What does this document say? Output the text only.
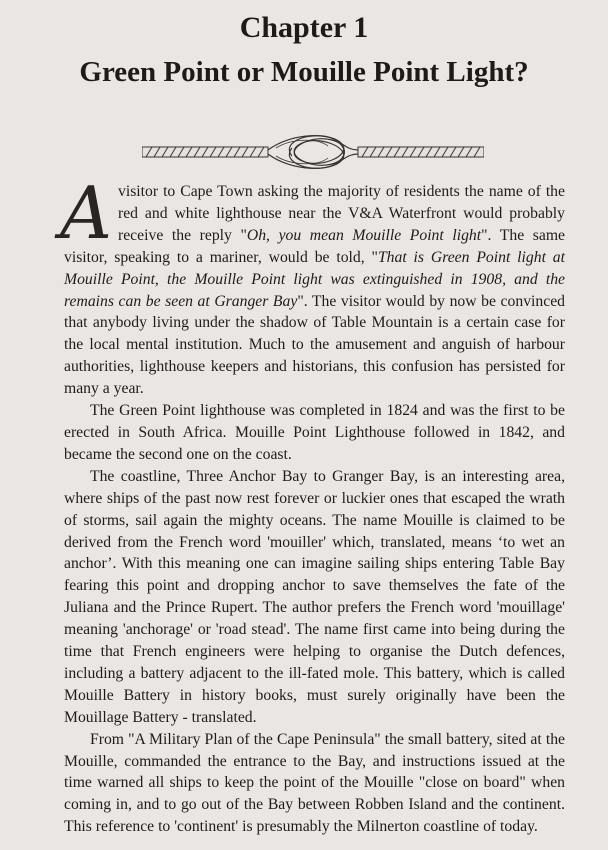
Chapter 1
Green Point or Mouille Point Light?

Avisitor to Cape Town asking the majority of residents the name of the red and white lighthouse near the V&A Waterfront would probably receive the reply "Oh, you mean Mouille Point light". The same visitor, speaking to a mariner, would be told, "That is Green Point light at Mouille Point, the Mouille Point light was extinguished in 1908, and the remains can be seen at Granger Bay". The visitor would by now be convinced that anybody living under the shadow of Table Mountain is a certain case for the local mental institution. Much to the amusement and anguish of harbour authorities, lighthouse keepers and historians, this confusion has persisted for many a year.

The Green Point lighthouse was completed in 1824 and was the first to be erected in South Africa. Mouille Point Lighthouse followed in 1842, and became the second one on the coast.

The coastline, Three Anchor Bay to Granger Bay, is an interesting area, where ships of the past now rest forever or luckier ones that escaped the wrath of storms, sail again the mighty oceans. The name Mouille is claimed to be derived from the French word 'mouiller' which, translated, means ‘to wet an anchor’. With this meaning one can imagine sailing ships entering Table Bay fearing this point and dropping anchor to save themselves the fate of the Juliana and the Prince Rupert. The author prefers the French word 'mouillage' meaning 'anchorage' or 'road stead'. The name first came into being during the time that French engineers were helping to organise the Dutch defences, including a battery adjacent to the ill-fated mole. This battery, which is called Mouille Battery in history books, must surely originally have been the Mouillage Battery - translated.

From "A Military Plan of the Cape Peninsula" the small battery, sited at the Mouille, commanded the entrance to the Bay, and instructions issued at the time warned all ships to keep the point of the Mouille "close on board" when coming in, and to go out of the Bay between Robben Island and the continent. This reference to 'continent' is presumably the Milnerton coastline of today.
